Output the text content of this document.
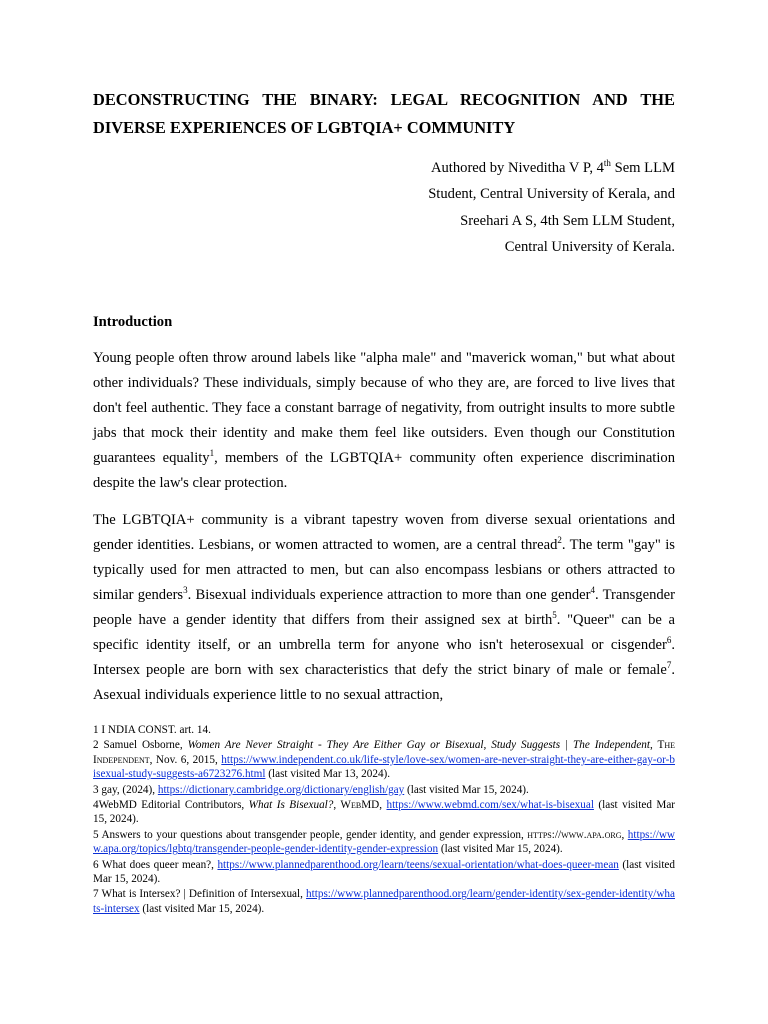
DECONSTRUCTING THE BINARY: LEGAL RECOGNITION AND THE DIVERSE EXPERIENCES OF LGBTQIA+ COMMUNITY
Authored by Niveditha V P, 4th Sem LLM
Student, Central University of Kerala, and
Sreehari A S, 4th Sem LLM Student,
Central University of Kerala.
Introduction

Young people often throw around labels like "alpha male" and "maverick woman," but what about other individuals? These individuals, simply because of who they are, are forced to live lives that don't feel authentic. They face a constant barrage of negativity, from outright insults to more subtle jabs that mock their identity and make them feel like outsiders. Even though our Constitution guarantees equality$^1$, members of the LGBTQIA+ community often experience discrimination despite the law's clear protection.

The LGBTQIA+ community is a vibrant tapestry woven from diverse sexual orientations and gender identities. Lesbians, or women attracted to women, are a central thread$^2$. The term "gay" is typically used for men attracted to men, but can also encompass lesbians or others attracted to similar genders$^3$. Bisexual individuals experience attraction to more than one gender$^4$. Transgender people have a gender identity that differs from their assigned sex at birth$^5$. "Queer" can be a specific identity itself, or an umbrella term for anyone who isn't heterosexual or cisgender$^6$. Intersex people are born with sex characteristics that defy the strict binary of male or female$^7$. Asexual individuals experience little to no sexual attraction,

1 I NDIA CONST. art. 14.
2 Samuel Osborne, Women Are Never Straight - They Are Either Gay or Bisexual, Study Suggests | The Independent, The Independent, Nov. 6, 2015, https://www.independent.co.uk/life-style/love-sex/women-are-never-straight-they-are-either-gay-or-bisexual-study-suggests-a6723276.html (last visited Mar 13, 2024).
3 gay, (2024), https://dictionary.cambridge.org/dictionary/english/gay (last visited Mar 15, 2024).
4WebMD Editorial Contributors, What Is Bisexual?, WebMD, https://www.webmd.com/sex/what-is-bisexual (last visited Mar 15, 2024).
5 Answers to your questions about transgender people, gender identity, and gender expression, https://www.apa.org, https://www.apa.org/topics/lgbtq/transgender-people-gender-identity-gender-expression (last visited Mar 15, 2024).
6 What does queer mean?, https://www.plannedparenthood.org/learn/teens/sexual-orientation/what-does-queer-mean (last visited Mar 15, 2024).
7 What is Intersex? | Definition of Intersexual, https://www.plannedparenthood.org/learn/gender-identity/sex-gender-identity/whats-intersex (last visited Mar 15, 2024).
